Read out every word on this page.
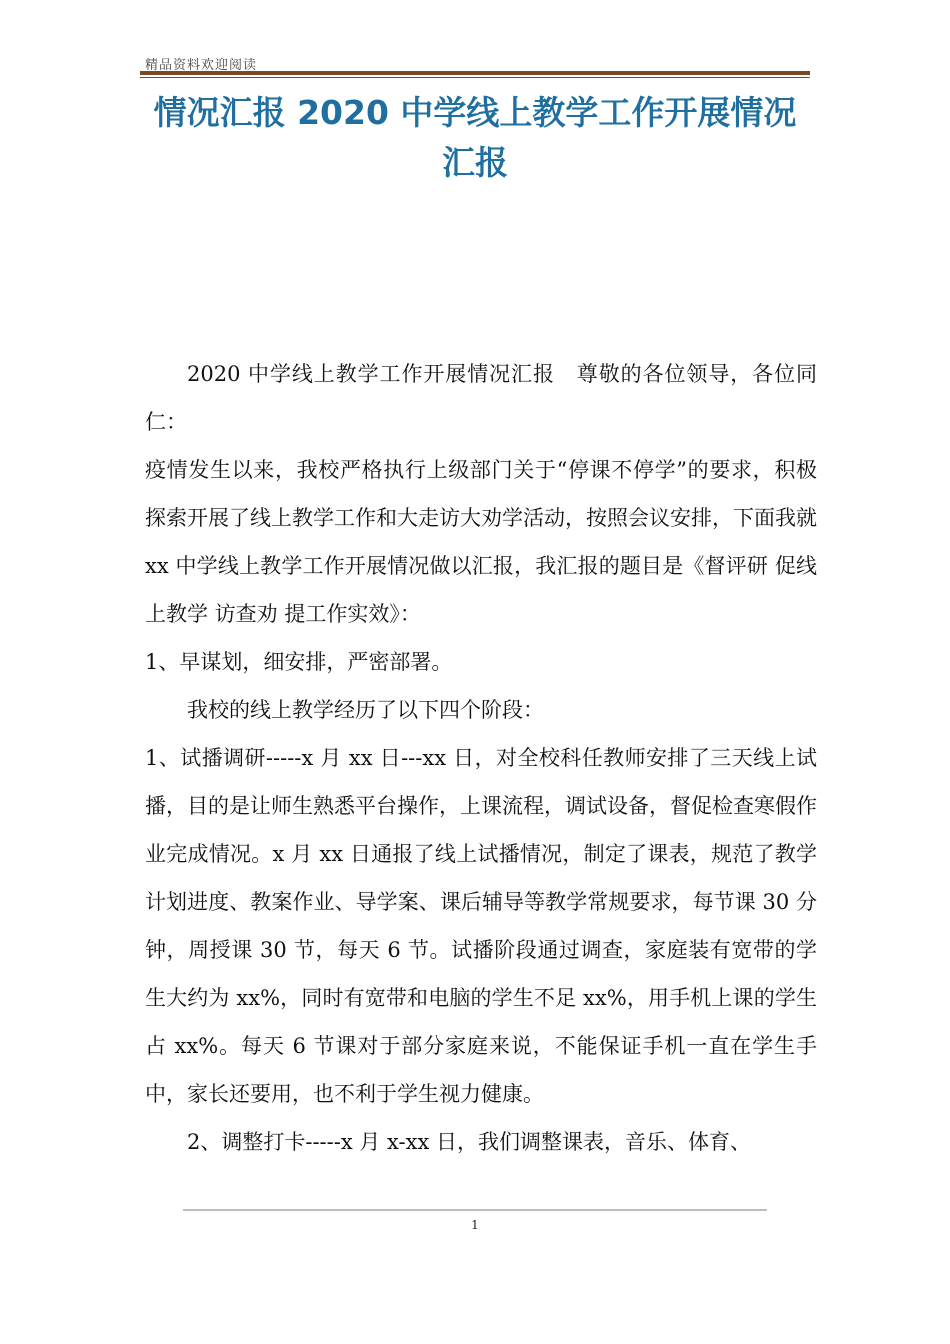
精品资料欢迎阅读
情况汇报 2020 中学线上教学工作开展情况汇报

2020 中学线上教学工作开展情况汇报　尊敬的各位领导，各位同仁：

疫情发生以来，我校严格执行上级部门关于“停课不停学”的要求，积极探索开展了线上教学工作和大走访大劝学活动，按照会议安排，下面我就 xx 中学线上教学工作开展情况做以汇报，我汇报的题目是《督评研 促线上教学 访查劝 提工作实效》：

1、早谋划，细安排，严密部署。

我校的线上教学经历了以下四个阶段：

1、试播调研-----x 月 xx 日---xx 日，对全校科任教师安排了三天线上试播，目的是让师生熟悉平台操作，上课流程，调试设备，督促检查寒假作业完成情况。x 月 xx 日通报了线上试播情况，制定了课表，规范了教学计划进度、教案作业、导学案、课后辅导等教学常规要求，每节课 30 分钟，周授课 30 节，每天 6 节。试播阶段通过调查，家庭装有宽带的学生大约为 xx%，同时有宽带和电脑的学生不足 xx%，用手机上课的学生占 xx%。每天 6 节课对于部分家庭来说，不能保证手机一直在学生手中，家长还要用，也不利于学生视力健康。

2、调整打卡-----x 月 x-xx 日，我们调整课表，音乐、体育、

1
